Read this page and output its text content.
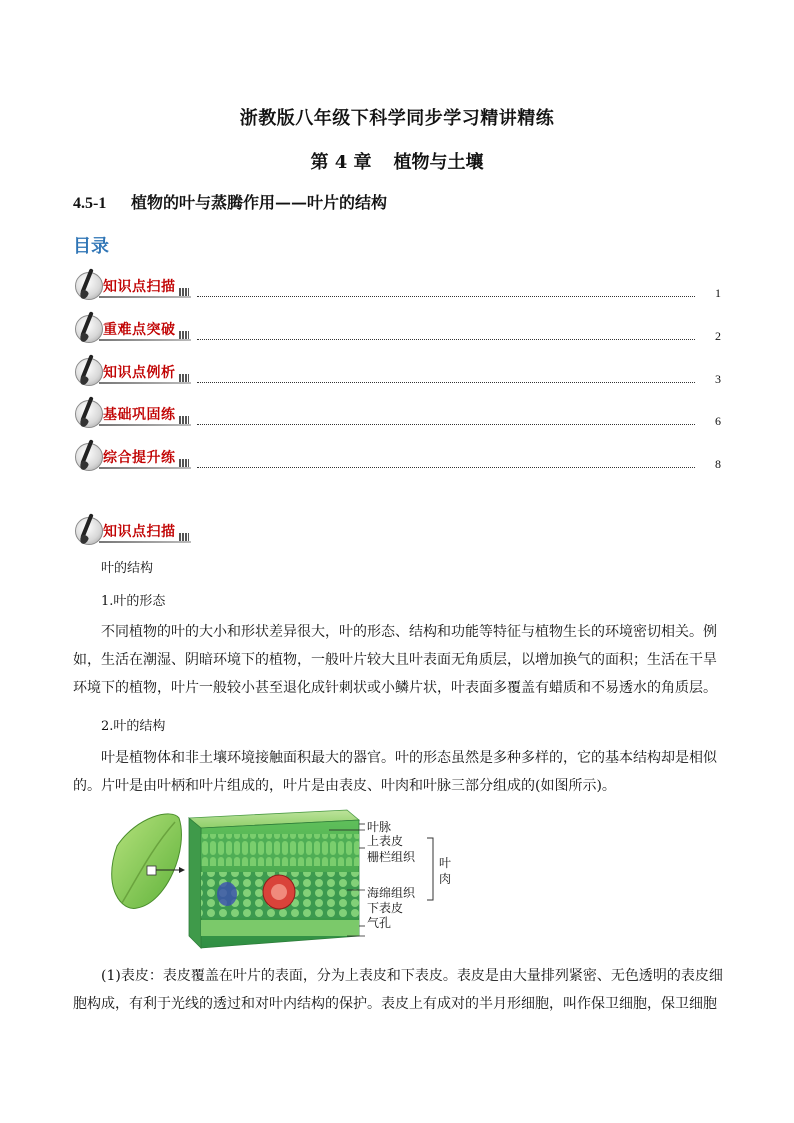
浙教版八年级下科学同步学习精讲精练
第 4 章 植物与土壤
4.5-1 植物的叶与蒸腾作用——叶片的结构
目录
知识点扫描	1
重难点突破	2
知识点例析	3
基础巩固练	6
综合提升练	8
知识点扫描
叶的结构
1.叶的形态
不同植物的叶的大小和形状差异很大，叶的形态、结构和功能等特征与植物生长的环境密切相关。例
如，生活在潮湿、阴暗环境下的植物，一般叶片较大且叶表面无角质层，以增加换气的面积；生活在干旱
环境下的植物，叶片一般较小甚至退化成针刺状或小鳞片状，叶表面多覆盖有蜡质和不易透水的角质层。
2.叶的结构
叶是植物体和非土壤环境接触面积最大的器官。叶的形态虽然是多种多样的，它的基本结构却是相似
的。片叶是由叶柄和叶片组成的，叶片是由表皮、叶肉和叶脉三部分组成的(如图所示)。
叶脉
上表皮
栅栏组织
海绵组织
下表皮
气孔
叶
肉
(1)表皮：表皮覆盖在叶片的表面，分为上表皮和下表皮。表皮是由大量排列紧密、无色透明的表皮细
胞构成，有利于光线的透过和对叶内结构的保护。表皮上有成对的半月形细胞，叫作保卫细胞，保卫细胞
